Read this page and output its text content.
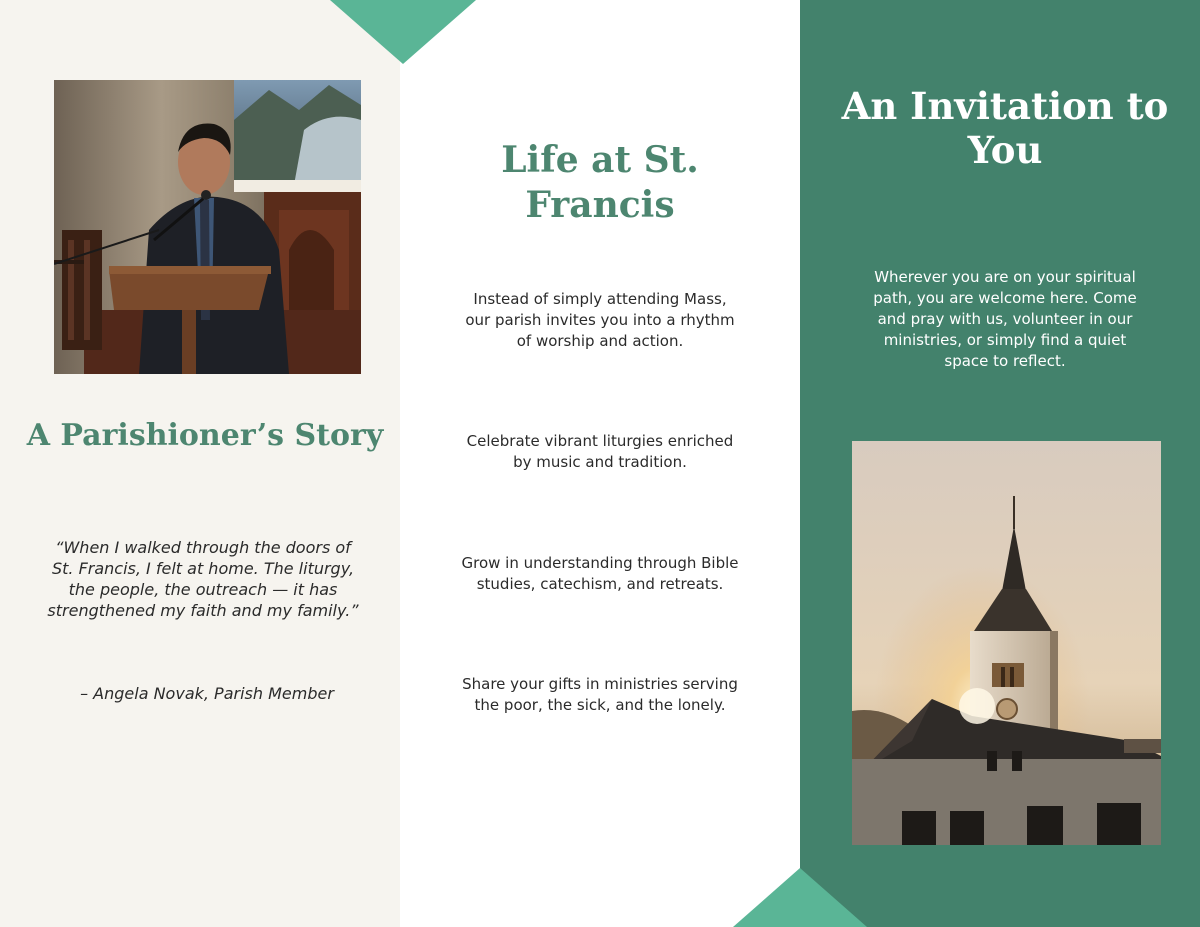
A Parishioner’s Story

“When I walked through the doors of St. Francis, I felt at home. The liturgy, the people, the outreach — it has strengthened my faith and my family.”

– Angela Novak, Parish Member

Life at St. Francis

Instead of simply attending Mass, our parish invites you into a rhythm of worship and action.

Celebrate vibrant liturgies enriched by music and tradition.

Grow in understanding through Bible studies, catechism, and retreats.

Share your gifts in ministries serving the poor, the sick, and the lonely.

An Invitation to You

Wherever you are on your spiritual path, you are welcome here. Come and pray with us, volunteer in our ministries, or simply find a quiet space to reflect.
